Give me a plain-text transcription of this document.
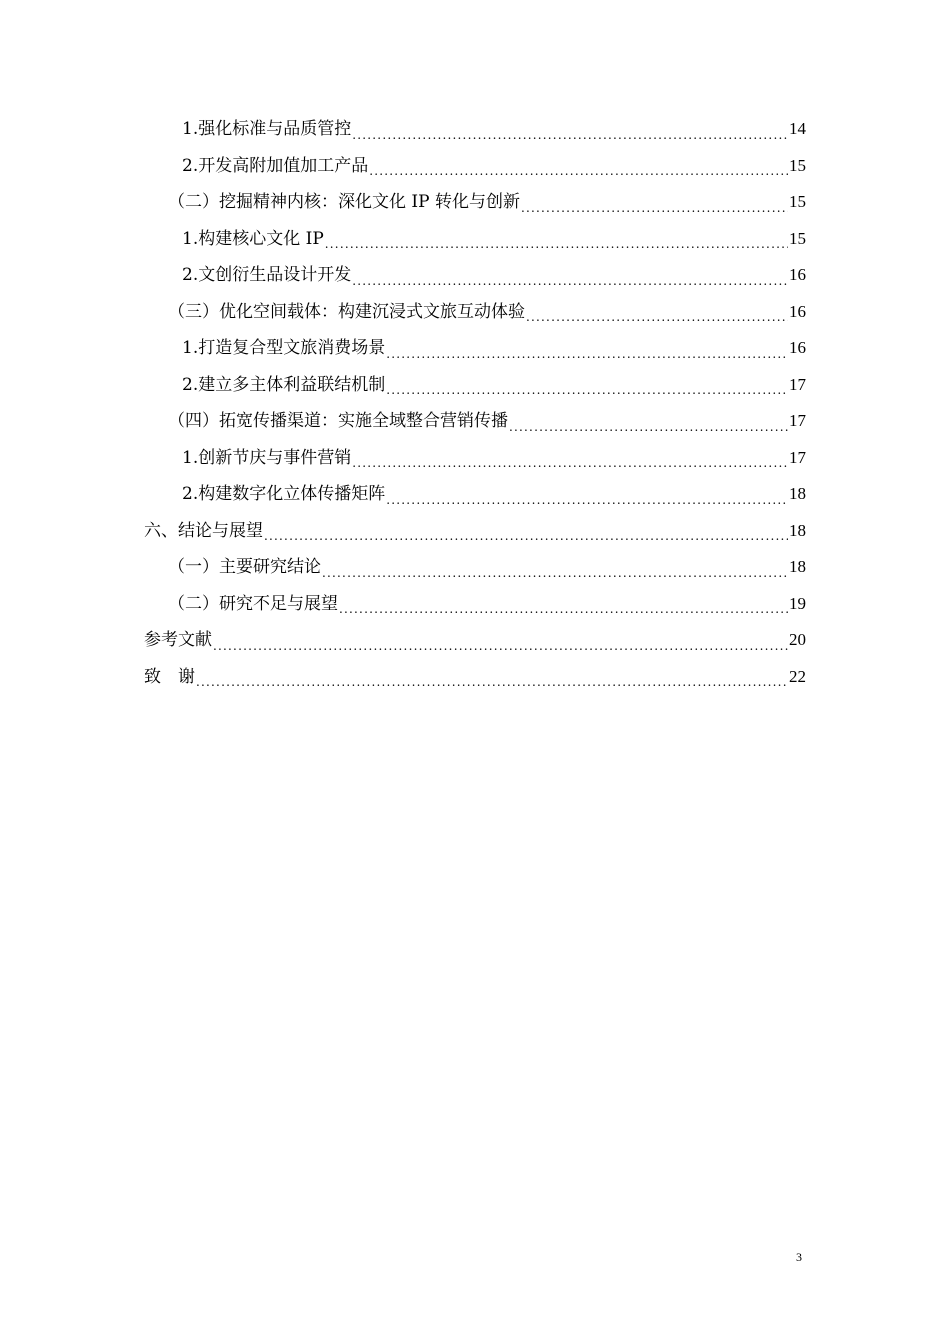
1.强化标准与品质管控 .....	14
2.开发高附加值加工产品 .....	15
（二）挖掘精神内核：深化文化 IP 转化与创新 .....	15
1.构建核心文化 IP .....	15
2.文创衍生品设计开发 .....	16
（三）优化空间载体：构建沉浸式文旅互动体验 .....	16
1.打造复合型文旅消费场景 .....	16
2.建立多主体利益联结机制 .....	17
（四）拓宽传播渠道：实施全域整合营销传播 .....	17
1.创新节庆与事件营销 .....	17
2.构建数字化立体传播矩阵 .....	18
六、结论与展望 .....	18
（一）主要研究结论 .....	18
（二）研究不足与展望 .....	19
参考文献 .....	20
致　谢 .....	22
3
